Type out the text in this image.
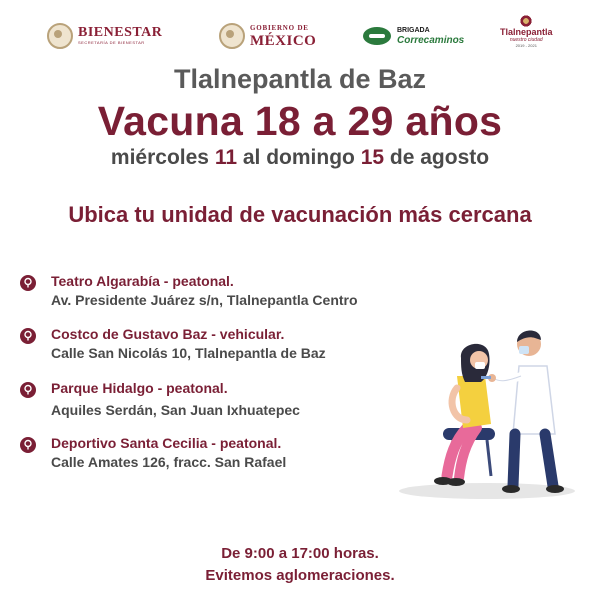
BIENESTAR
SECRETARÍA DE BIENESTAR
GOBIERNO DE
MÉXICO
BRIGADA
Correcaminos
Tlalnepantla
nuestro ciudad
2019 - 2021
Tlalnepantla de Baz
Vacuna 18 a 29 años
miércoles 11 al domingo 15 de agosto
Ubica tu unidad de vacunación más cercana
Teatro Algarabía - peatonal.
Av. Presidente Juárez s/n, Tlalnepantla Centro
Costco de Gustavo Baz - vehicular.
Calle San Nicolás 10, Tlalnepantla de Baz
Parque Hidalgo - peatonal.
Aquiles Serdán, San Juan Ixhuatepec
Deportivo Santa Cecilia - peatonal.
Calle Amates 126, fracc. San Rafael
De 9:00 a 17:00 horas.
Evitemos aglomeraciones.
